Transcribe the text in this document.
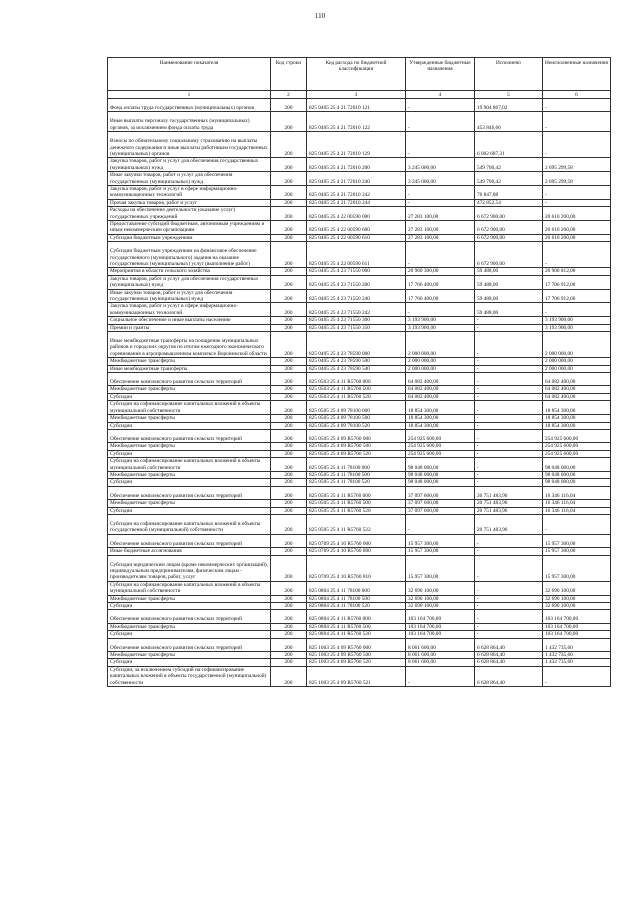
110
Наименование показателя	Код строки	Код расхода по бюджетной классификации	Утвержденные бюджетные назначения	Исполнено	Неисполненные назначения
1	2	3	4	5	6
Фонд оплаты труда государственных (муниципальных) органов	200	825 0405 25 4 21 72010 121	-	19 904 867,02	-
Иные выплаты персоналу государственных (муниципальных) органов, за исключением фонда оплаты труда	200	825 0405 25 4 21 72010 122	-	453 846,66	-
Взносы по обязательному социальному страхованию на выплаты денежного содержания и иные выплаты работникам государственных (муниципальных) органов	200	825 0405 25 4 21 72010 129	-	6 002 687,31	-
Закупка товаров, работ и услуг для обеспечения государственных (муниципальных) нужд	200	825 0405 25 4 21 72010 200	3 245 000,00	549 700,42	2 695 299,58
Иные закупки товаров, работ и услуг для обеспечения государственных (муниципальных) нужд	200	825 0405 25 4 21 72010 240	3 245 000,00	549 700,42	2 695 299,58
Закупка товаров, работ и услуг в сфере информационно-коммуникационных технологий	200	825 0405 25 4 21 72010 242	-	76 847,88	-
Прочая закупка товаров, работ и услуг	200	825 0405 25 4 21 72010 244	-	472 852,54	-
Расходы на обеспечение деятельности (оказание услуг) государственных учреждений	200	825 0405 25 4 22 00590 000	27 283 100,00	6 672 900,00	20 610 200,00
Предоставление субсидий бюджетным, автономным учреждениям и иным некоммерческим организациям	200	825 0405 25 4 22 00590 600	27 283 100,00	6 672 900,00	20 610 200,00
Субсидии бюджетным учреждениям	200	825 0405 25 4 22 00590 610	27 283 100,00	6 672 900,00	20 610 200,00
Субсидии бюджетным учреждениям на финансовое обеспечение государственного (муниципального) задания на оказание государственных (муниципальных) услуг (выполнение работ)	200	825 0405 25 4 22 00590 611	-	6 672 900,00	-
Мероприятия в области сельского хозяйства	200	825 0405 25 4 23 71550 000	20 960 300,00	59 488,00	20 900 812,00
Закупка товаров, работ и услуг для обеспечения государственных (муниципальных) нужд	200	825 0405 25 4 23 71550 200	17 766 400,00	59 488,00	17 706 912,00
Иные закупки товаров, работ и услуг для обеспечения государственных (муниципальных) нужд	200	825 0405 25 4 23 71550 240	17 766 400,00	59 488,00	17 706 912,00
Закупка товаров, работ и услуг в сфере информационно-коммуникационных технологий	200	825 0405 25 4 23 71550 242	-	59 488,00	-
Социальное обеспечение и иные выплаты населению	200	825 0405 25 4 23 71550 300	3 193 900,00	-	3 193 900,00
Премии и гранты	200	825 0405 25 4 23 71550 350	3 193 900,00	-	3 193 900,00
Иные межбюджетные трансферты на поощрение муниципальных районов и городских округов по итогам ежегодного экономического соревнования в агропромышленном комплексе Воронежской области	200	825 0405 25 4 23 78590 000	2 000 000,00	-	2 000 000,00
Межбюджетные трансферты	200	825 0405 25 4 23 78590 500	2 000 000,00	-	2 000 000,00
Иные межбюджетные трансферты	200	825 0405 25 4 23 78590 540	2 000 000,00	-	2 000 000,00
Обеспечение комплексного развития сельских территорий	200	825 0503 25 4 11 R5760 000	64 082 400,00	-	64 082 400,00
Межбюджетные трансферты	200	825 0503 25 4 11 R5760 500	64 082 400,00	-	64 082 400,00
Субсидии	200	825 0503 25 4 11 R5760 520	64 082 400,00	-	64 082 400,00
Субсидии на софинансирование капитальных вложений в объекты муниципальной собственности	200	825 0505 25 4 09 78100 000	18 854 300,00	-	18 854 300,00
Межбюджетные трансферты	200	825 0505 25 4 09 78100 500	18 854 300,00	-	18 854 300,00
Субсидии	200	825 0505 25 4 09 78100 520	18 854 300,00	-	18 854 300,00
Обеспечение комплексного развития сельских территорий	200	825 0505 25 4 09 R5760 000	254 925 600,00	-	254 925 600,00
Межбюджетные трансферты	200	825 0505 25 4 09 R5760 500	254 925 600,00	-	254 925 600,00
Субсидии	200	825 0505 25 4 09 R5760 520	254 925 600,00	-	254 925 600,00
Субсидии на софинансирование капитальных вложений в объекты муниципальной собственности	200	825 0505 25 4 11 78100 000	98 048 000,00	-	98 048 000,00
Межбюджетные трансферты	200	825 0505 25 4 11 78100 500	98 048 000,00	-	98 048 000,00
Субсидии	200	825 0505 25 4 11 78100 520	98 048 000,00	-	98 048 000,00
Обеспечение комплексного развития сельских территорий	200	825 0505 25 4 11 R5760 000	37 097 600,00	20 751 483,96	16 346 116,04
Межбюджетные трансферты	200	825 0505 25 4 11 R5760 500	37 097 600,00	20 751 483,96	16 346 116,04
Субсидии	200	825 0505 25 4 11 R5760 520	37 097 600,00	20 751 483,96	16 346 116,04
Субсидии на софинансирование капитальных вложений в объекты государственной (муниципальной) собственности	200	825 0505 25 4 11 R5760 522	-	20 751 483,96	-
Обеспечение комплексного развития сельских территорий	200	825 0709 25 4 10 R5760 000	15 957 300,00	-	15 957 300,00
Иные бюджетные ассигнования	200	825 0709 25 4 10 R5760 800	15 957 300,00	-	15 957 300,00
Субсидии юридическим лицам (кроме некоммерческих организаций), индивидуальным предпринимателям, физическим лицам - производителям товаров, работ, услуг	200	825 0709 25 4 10 R5760 810	15 957 300,00	-	15 957 300,00
Субсидии на софинансирование капитальных вложений в объекты муниципальной собственности	200	825 0804 25 4 11 78100 000	32 690 100,00	-	32 690 100,00
Межбюджетные трансферты	200	825 0804 25 4 11 78100 500	32 690 100,00	-	32 690 100,00
Субсидии	200	825 0804 25 4 11 78100 520	32 690 100,00	-	32 690 100,00
Обеспечение комплексного развития сельских территорий	200	825 0804 25 4 11 R5760 000	103 164 700,00	-	103 164 700,00
Межбюджетные трансферты	200	825 0804 25 4 11 R5760 500	103 164 700,00	-	103 164 700,00
Субсидии	200	825 0804 25 4 11 R5760 520	103 164 700,00	-	103 164 700,00
Обеспечение комплексного развития сельских территорий	200	825 1003 25 4 09 R5760 000	8 061 600,00	6 628 864,40	1 432 735,60
Межбюджетные трансферты	200	825 1003 25 4 09 R5760 500	8 061 600,00	6 628 864,40	1 432 735,60
Субсидии	200	825 1003 25 4 09 R5760 520	8 061 600,00	6 628 864,40	1 432 735,60
Субсидии, за исключением субсидий на софинансирование капитальных вложений в объекты государственной (муниципальной) собственности	200	825 1003 25 4 09 R5760 521	-	6 628 864,40	-
